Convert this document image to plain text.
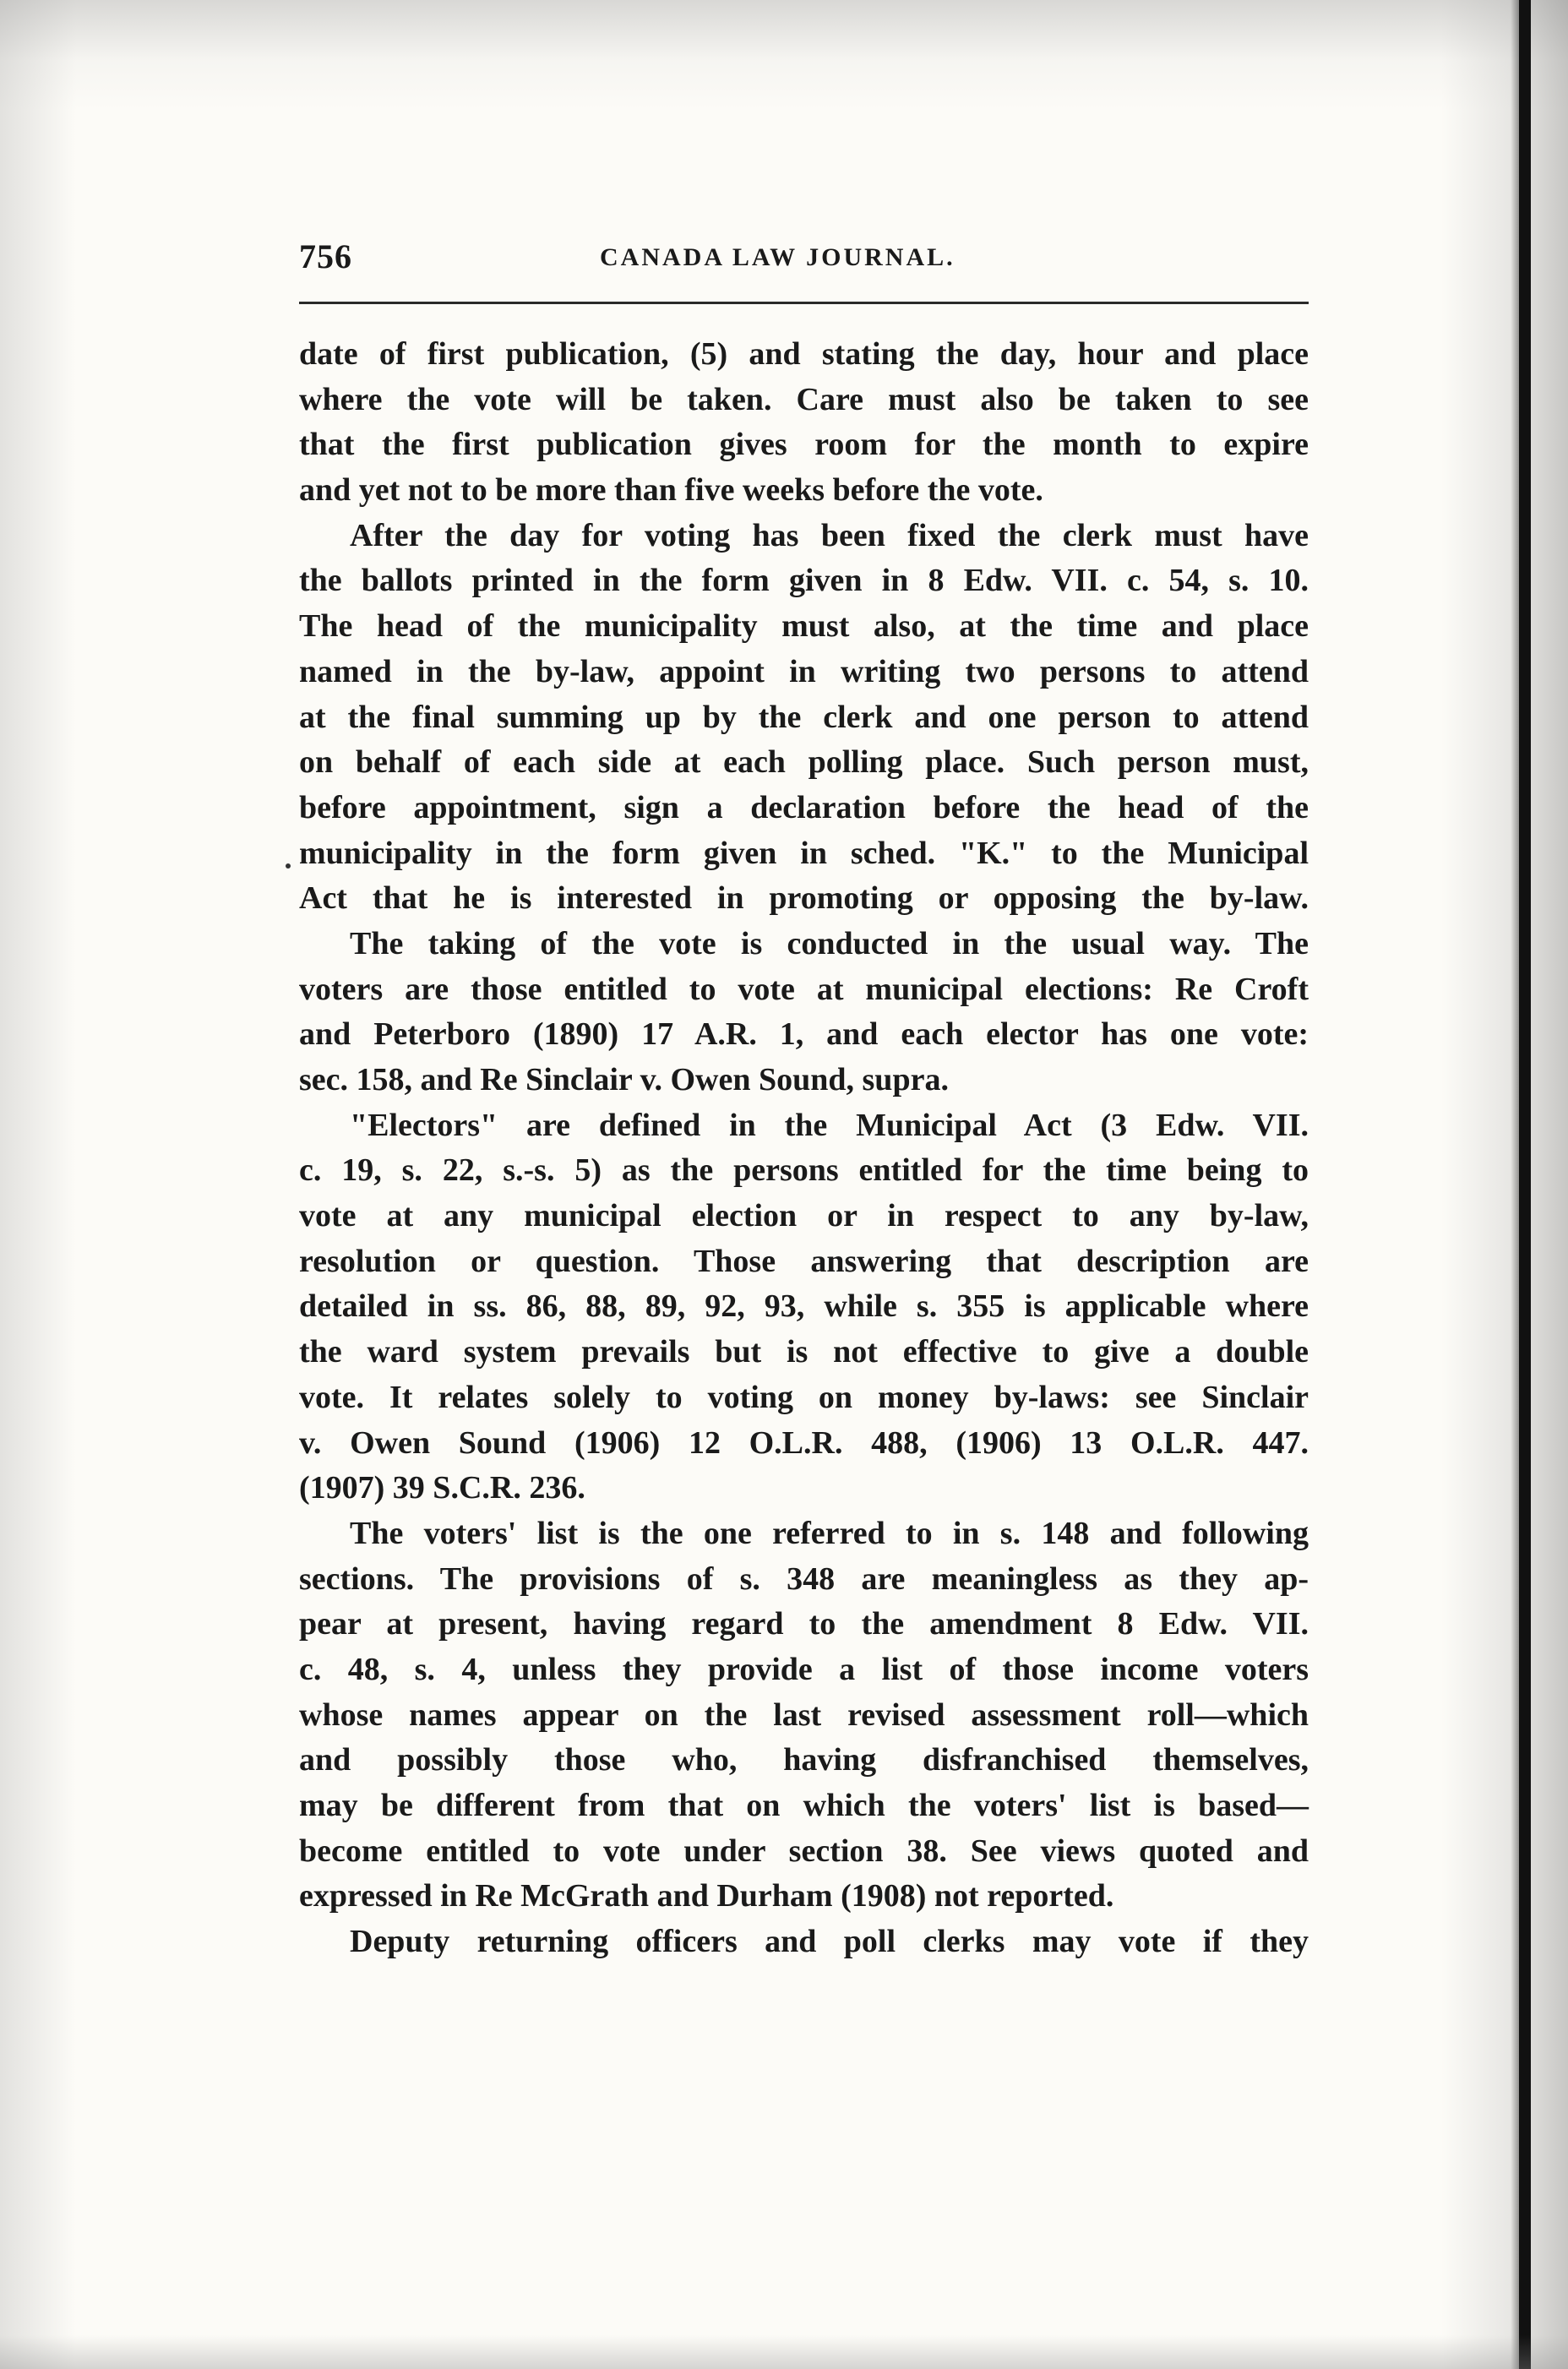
756	CANADA LAW JOURNAL.
date of first publication, (5) and stating the day, hour and place
where the vote will be taken. Care must also be taken to see
that the first publication gives room for the month to expire
and yet not to be more than five weeks before the vote.
After the day for voting has been fixed the clerk must have
the ballots printed in the form given in 8 Edw. VII. c. 54, s. 10.
The head of the municipality must also, at the time and place
named in the by-law, appoint in writing two persons to attend
at the final summing up by the clerk and one person to attend
on behalf of each side at each polling place. Such person must,
before appointment, sign a declaration before the head of the
municipality in the form given in sched. "K." to the Municipal
Act that he is interested in promoting or opposing the by-law.
The taking of the vote is conducted in the usual way. The
voters are those entitled to vote at municipal elections: Re Croft
and Peterboro (1890) 17 A.R. 1, and each elector has one vote:
sec. 158, and Re Sinclair v. Owen Sound, supra.
"Electors" are defined in the Municipal Act (3 Edw. VII.
c. 19, s. 22, s.-s. 5) as the persons entitled for the time being to
vote at any municipal election or in respect to any by-law,
resolution or question. Those answering that description are
detailed in ss. 86, 88, 89, 92, 93, while s. 355 is applicable where
the ward system prevails but is not effective to give a double
vote. It relates solely to voting on money by-laws: see Sinclair
v. Owen Sound (1906) 12 O.L.R. 488, (1906) 13 O.L.R. 447.
(1907) 39 S.C.R. 236.
The voters' list is the one referred to in s. 148 and following
sections. The provisions of s. 348 are meaningless as they ap-
pear at present, having regard to the amendment 8 Edw. VII.
c. 48, s. 4, unless they provide a list of those income voters
whose names appear on the last revised assessment roll—which
and possibly those who, having disfranchised themselves,
may be different from that on which the voters' list is based—
become entitled to vote under section 38. See views quoted and
expressed in Re McGrath and Durham (1908) not reported.
Deputy returning officers and poll clerks may vote if they
